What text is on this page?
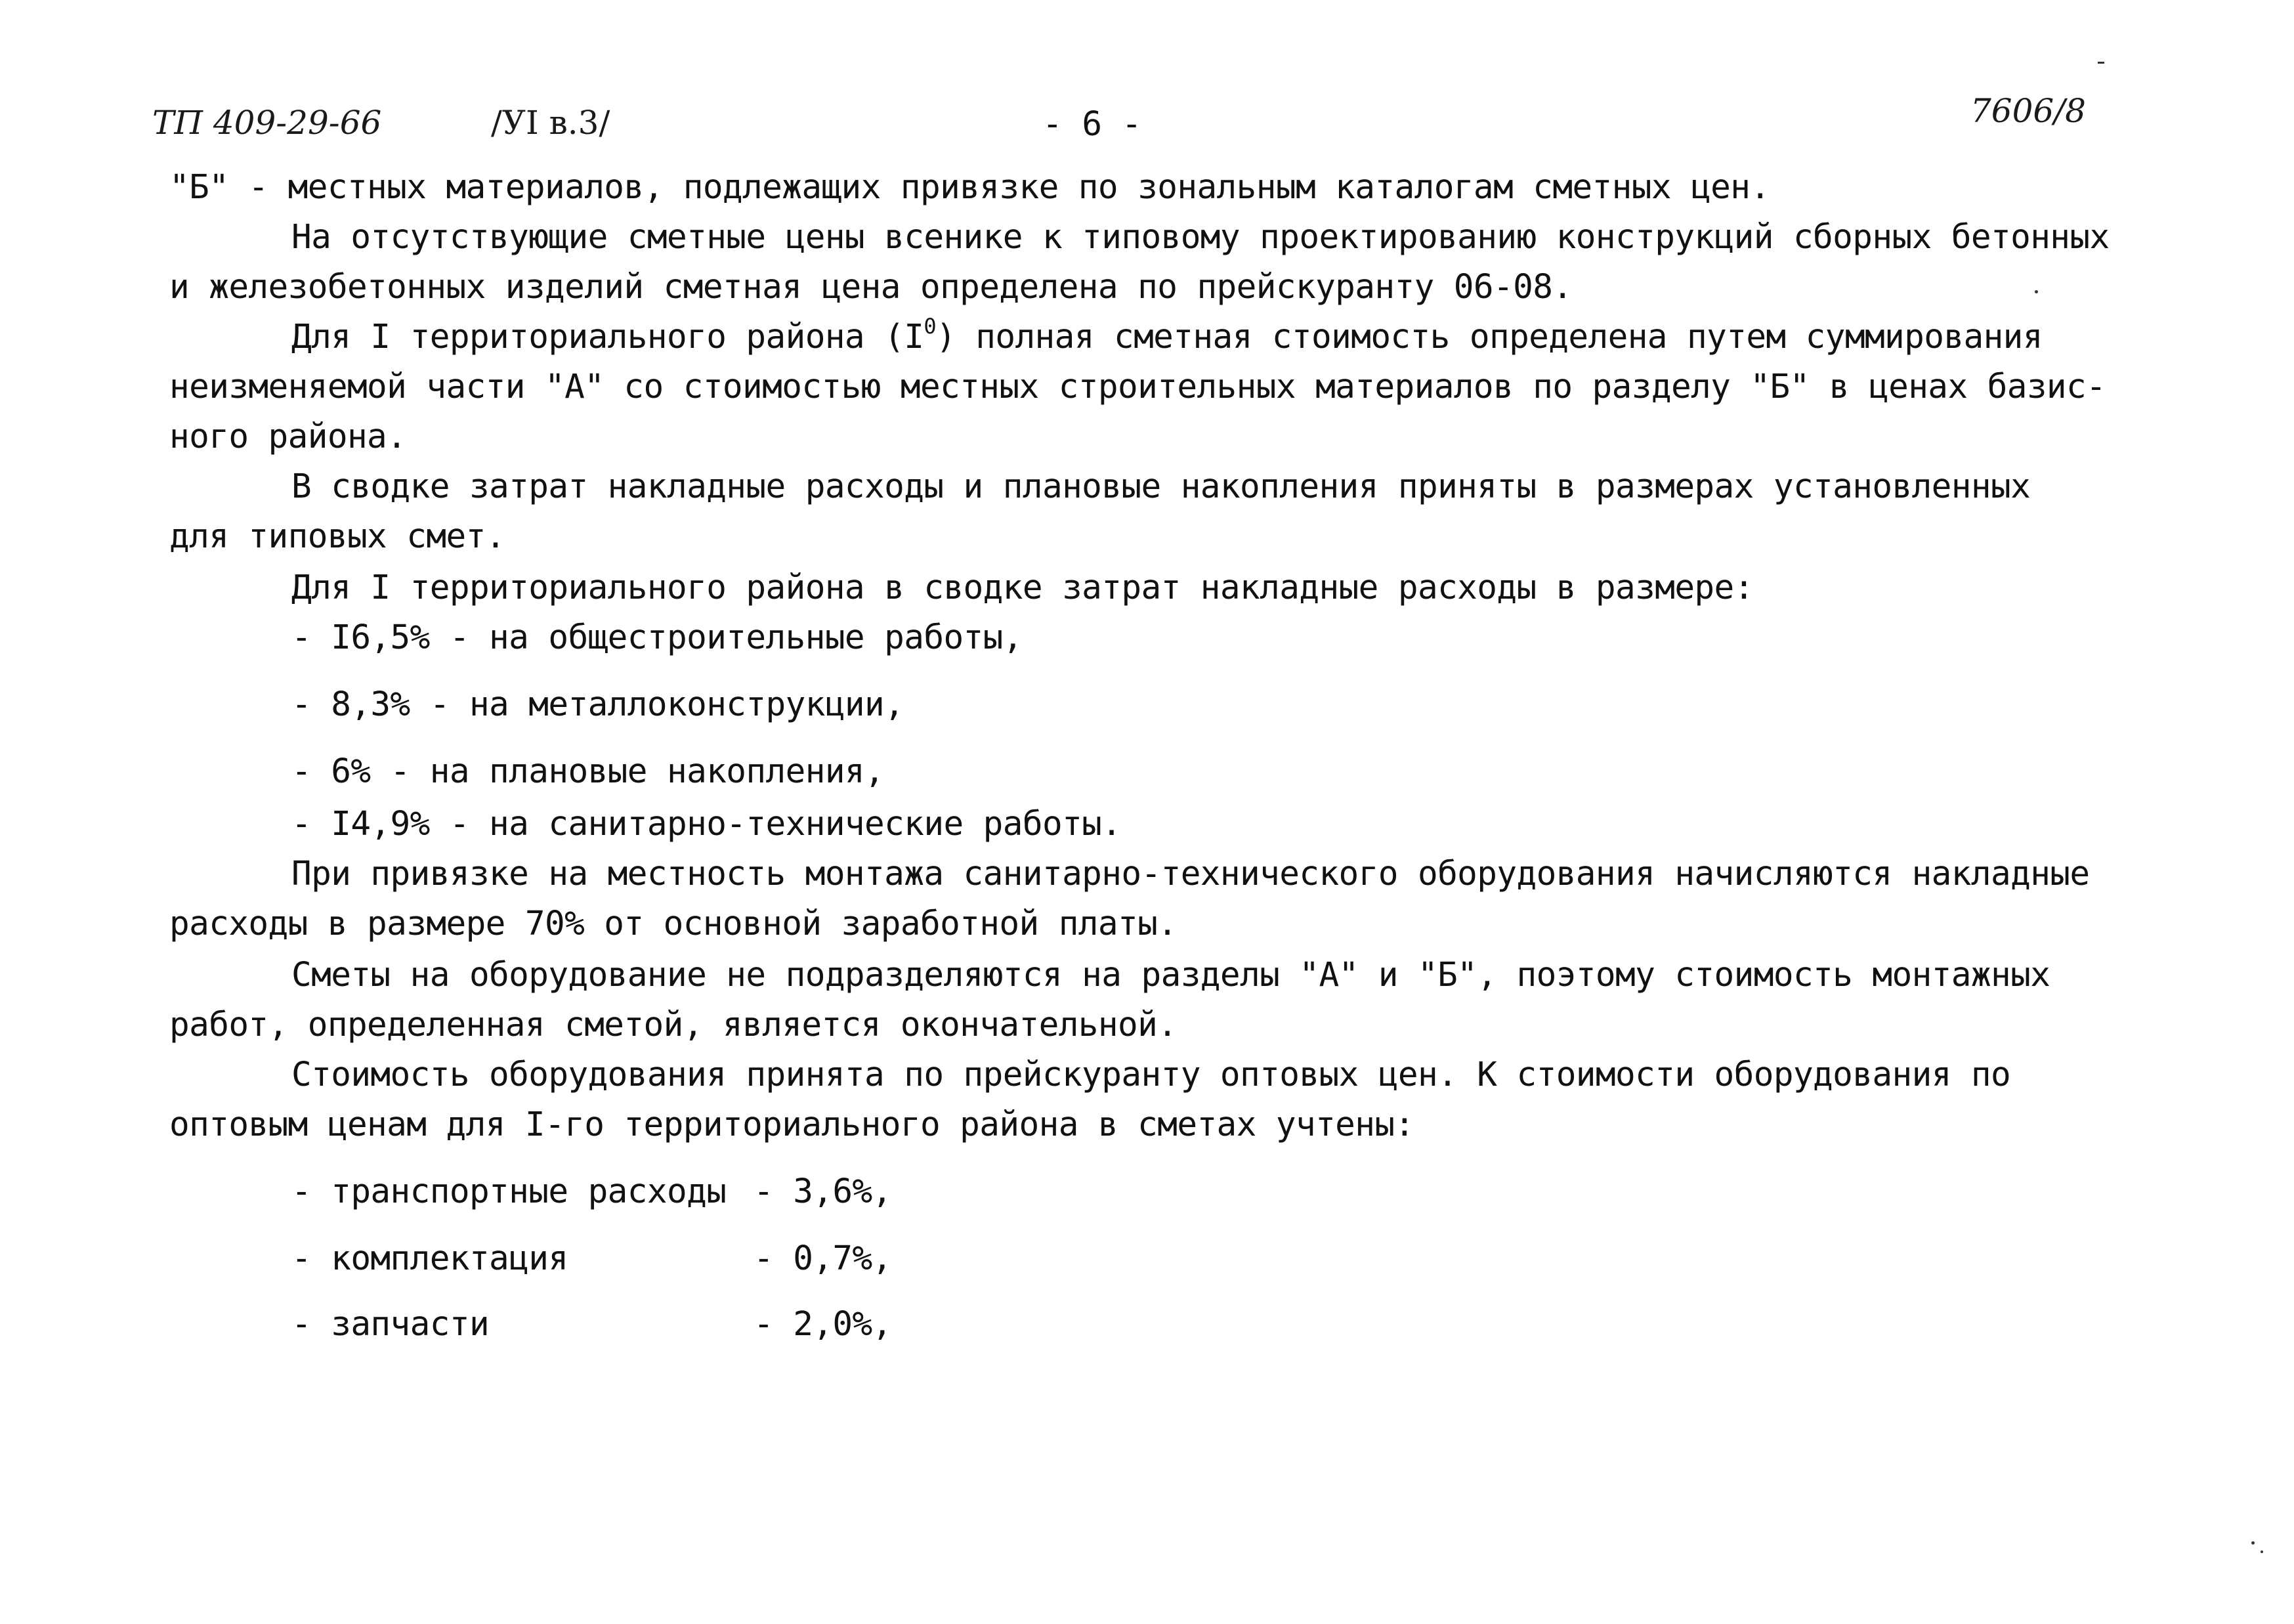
ТП 409-29-66	/УI в.3/	- 6 -	7606/8
"Б" - местных материалов, подлежащих привязке по зональным каталогам сметных цен.
На отсутствующие сметные цены всенике к типовому проектированию конструкций сборных бетонных
и железобетонных изделий сметная цена определена по прейскуранту 06-08.
Для I территориального района $(I^0)$ полная сметная стоимость определена путем суммирования
неизменяемой части "А" со стоимостью местных строительных материалов по разделу "Б" в ценах базис-
ного района.
В сводке затрат накладные расходы и плановые накопления приняты в размерах установленных
для типовых смет.
Для I территориального района в сводке затрат накладные расходы в размере:
- I6,5% - на общестроительные работы,
- 8,3% - на металлоконструкции,
- 6% - на плановые накопления,
- I4,9% - на санитарно-технические работы.
При привязке на местность монтажа санитарно-технического оборудования начисляются накладные
расходы в размере 70% от основной заработной платы.
Сметы на оборудование не подразделяются на разделы "А" и "Б", поэтому стоимость монтажных
работ, определенная сметой, является окончательной.
Стоимость оборудования принята по прейскуранту оптовых цен. К стоимости оборудования по
оптовым ценам для I-го территориального района в сметах учтены:
- транспортные расходы - 3,6%,
- комплектация	- 0,7%,
- запчасти	- 2,0%,
